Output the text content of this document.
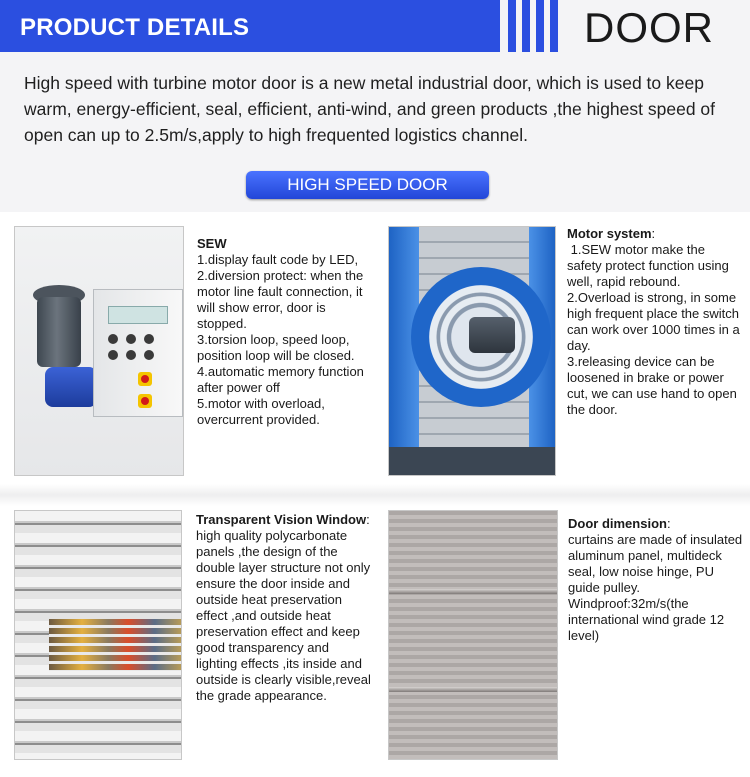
PRODUCT DETAILS	DOOR

High speed with turbine motor door is a new metal industrial door, which is used to keep warm, energy-efficient, seal, efficient, anti-wind, and green products ,the highest speed of open can up to 2.5m/s,apply to high frequented logistics channel.

HIGH SPEED DOOR
SEW
1.display fault code by LED,
2.diversion protect: when the motor line fault connection, it will show error, door is stopped.
3.torsion loop, speed loop, position loop will be closed.
4.automatic memory function after power off
5.motor with overload, overcurrent provided.
Motor system:
1.SEW motor make the safety protect function using well, rapid rebound.
2.Overload is strong, in some high frequent place the switch can work over 1000 times in a day.
3.releasing device can be loosened in brake or power cut, we can use hand to open the door.
Transparent Vision Window:
high quality polycarbonate panels ,the design of the double layer structure not only ensure the door inside and outside heat preservation effect ,and outside heat preservation effect and keep good transparency and lighting effects ,its inside and outside is clearly visible,reveal the grade appearance.
Door dimension:
curtains are made of insulated aluminum panel, multideck seal, low noise hinge, PU guide pulley. Windproof:32m/s(the international wind grade 12 level)
